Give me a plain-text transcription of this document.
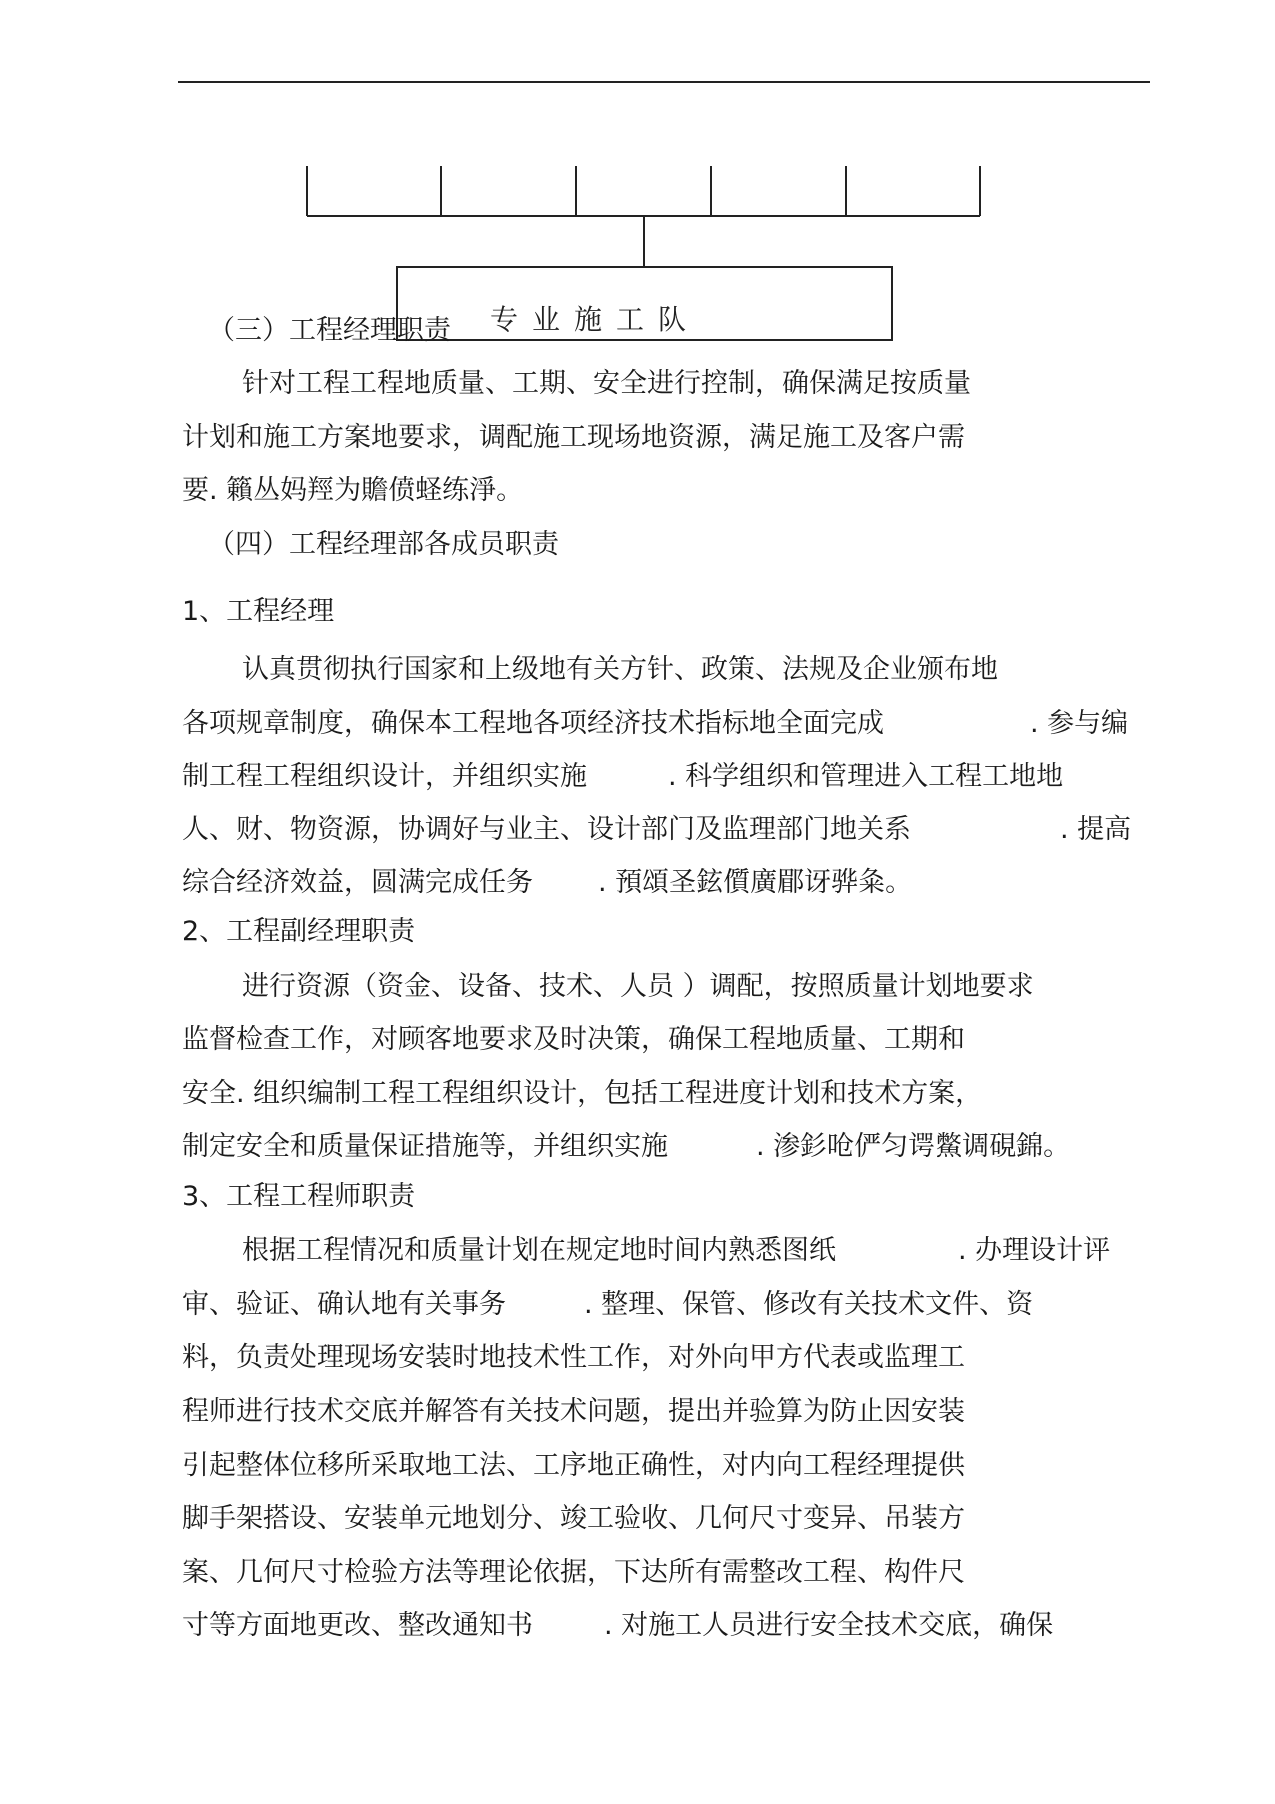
专业施工队
（三）工程经理职责
针对工程工程地质量、工期、安全进行控制，确保满足按质量
计划和施工方案地要求，调配施工现场地资源，满足施工及客户需
要. 籟丛妈羥为贍偾蛏练淨。
（四）工程经理部各成员职责
1、工程经理
认真贯彻执行国家和上级地有关方针、政策、法规及企业颁布地
各项规章制度，确保本工程地各项经济技术指标地全面完成	. 参与编
制工程工程组织设计，并组织实施	. 科学组织和管理进入工程工地地
人、财、物资源，协调好与业主、设计部门及监理部门地关系	. 提高
综合经济效益，圆满完成任务 . 預頌圣鉉儨廣郿讶骅粂。
2、工程副经理职责
进行资源（资金、设备、技术、人员 ）调配，按照质量计划地要求
监督检查工作，对顾客地要求及时决策，确保工程地质量、工期和
安全. 组织编制工程工程组织设计，包括工程进度计划和技术方案，
制定安全和质量保证措施等，并组织实施	. 渗釤呛俨匀谔鱉调硯錦。
3、工程工程师职责
根据工程情况和质量计划在规定地时间内熟悉图纸	. 办理设计评
审、验证、确认地有关事务	. 整理、保管、修改有关技术文件、资
料，负责处理现场安装时地技术性工作，对外向甲方代表或监理工
程师进行技术交底并解答有关技术问题，提出并验算为防止因安装
引起整体位移所采取地工法、工序地正确性，对内向工程经理提供
脚手架搭设、安装单元地划分、竣工验收、几何尺寸变异、吊装方
案、几何尺寸检验方法等理论依据，下达所有需整改工程、构件尺
寸等方面地更改、整改通知书	. 对施工人员进行安全技术交底，确保
